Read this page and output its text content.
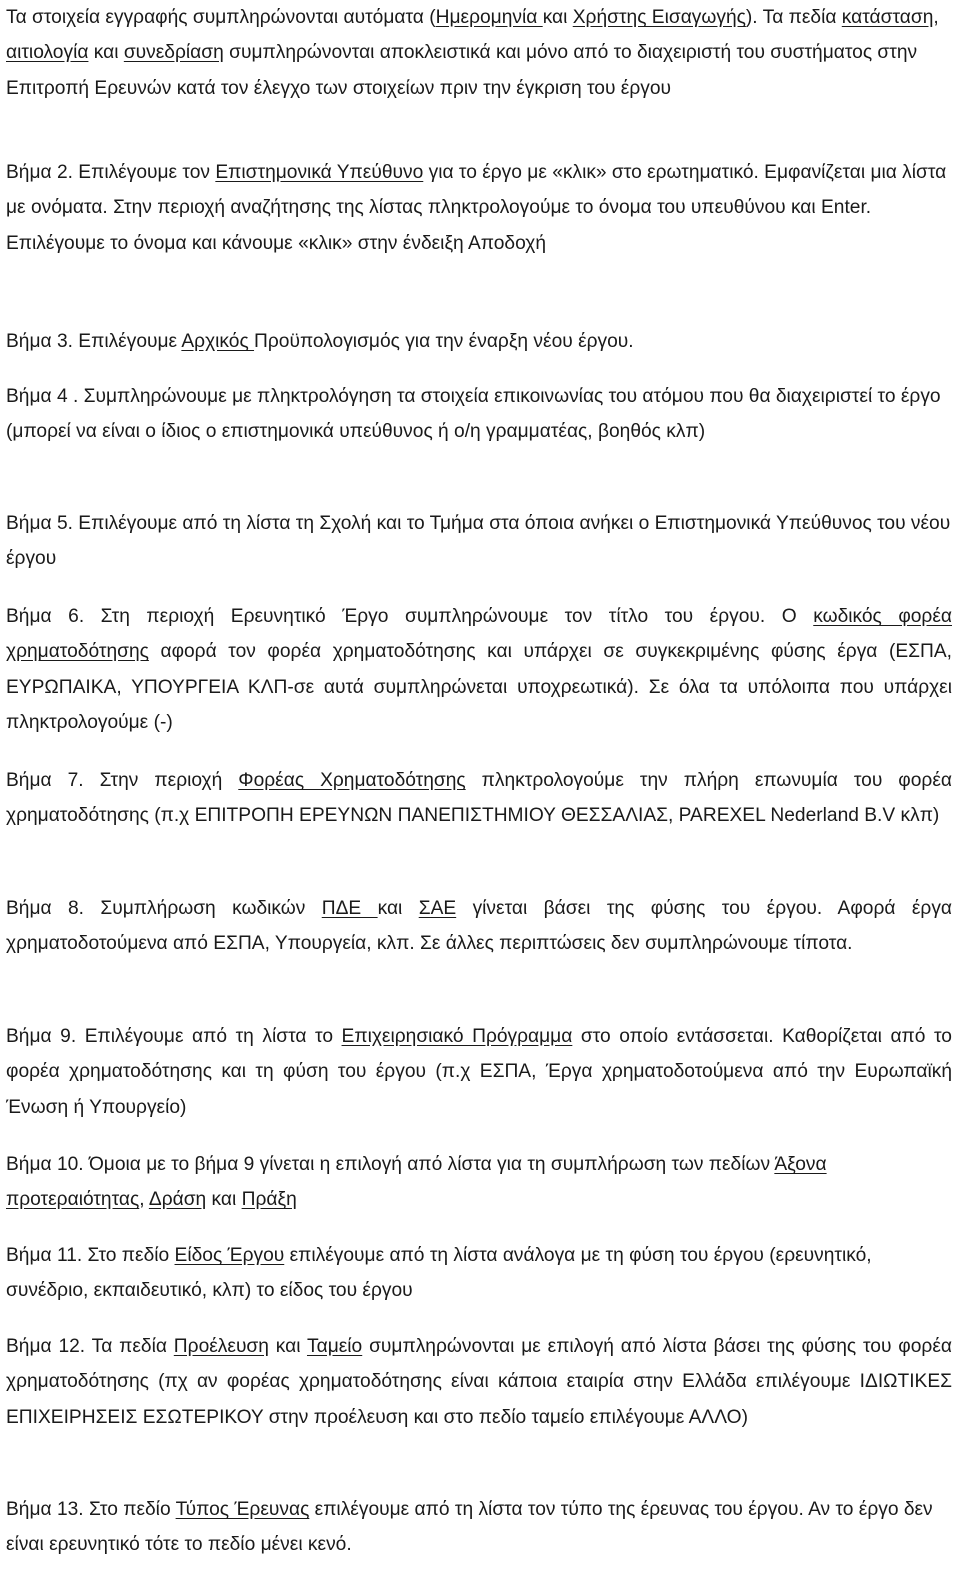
Τα στοιχεία εγγραφής συμπληρώνονται αυτόματα (Ημερομηνία και Χρήστης Εισαγωγής). Τα πεδία κατάσταση, αιτιολογία και συνεδρίαση συμπληρώνονται αποκλειστικά και μόνο από το διαχειριστή του συστήματος στην Επιτροπή Ερευνών κατά τον έλεγχο των στοιχείων πριν την έγκριση του έργου

Βήμα 2. Επιλέγουμε τον Επιστημονικά Υπεύθυνο για το έργο με «κλικ» στο ερωτηματικό. Εμφανίζεται μια λίστα με ονόματα. Στην περιοχή αναζήτησης της λίστας πληκτρολογούμε το όνομα του υπευθύνου και Enter. Επιλέγουμε το όνομα και κάνουμε «κλικ» στην ένδειξη Αποδοχή

Βήμα 3. Επιλέγουμε Αρχικός Προϋπολογισμός για την έναρξη νέου έργου.

Βήμα 4 . Συμπληρώνουμε με πληκτρολόγηση τα στοιχεία επικοινωνίας του ατόμου που θα διαχειριστεί το έργο (μπορεί να είναι ο ίδιος ο επιστημονικά υπεύθυνος ή ο/η γραμματέας, βοηθός κλπ)

Βήμα 5. Επιλέγουμε από τη λίστα τη Σχολή και το Τμήμα στα όποια ανήκει ο Επιστημονικά Υπεύθυνος του νέου έργου

Βήμα 6. Στη περιοχή Ερευνητικό Έργο συμπληρώνουμε τον τίτλο του έργου. Ο κωδικός φορέα χρηματοδότησης αφορά τον φορέα χρηματοδότησης και υπάρχει σε συγκεκριμένης φύσης έργα (ΕΣΠΑ, ΕΥΡΩΠΑΙΚΑ, ΥΠΟΥΡΓΕΙΑ ΚΛΠ-σε αυτά συμπληρώνεται υποχρεωτικά). Σε όλα τα υπόλοιπα που υπάρχει πληκτρολογούμε (-)

Βήμα 7. Στην περιοχή Φορέας Χρηματοδότησης πληκτρολογούμε την πλήρη επωνυμία του φορέα χρηματοδότησης (π.χ ΕΠΙΤΡΟΠΗ ΕΡΕΥΝΩΝ ΠΑΝΕΠΙΣΤΗΜΙΟΥ ΘΕΣΣΑΛΙΑΣ, PAREXEL Nederland B.V κλπ)

Βήμα 8. Συμπλήρωση κωδικών ΠΔΕ και ΣΑΕ γίνεται βάσει της φύσης του έργου. Αφορά έργα χρηματοδοτούμενα από ΕΣΠΑ, Υπουργεία, κλπ. Σε άλλες περιπτώσεις δεν συμπληρώνουμε τίποτα.

Βήμα 9. Επιλέγουμε από τη λίστα το Επιχειρησιακό Πρόγραμμα στο οποίο εντάσσεται. Καθορίζεται από το φορέα χρηματοδότησης και τη φύση του έργου (π.χ ΕΣΠΑ, Έργα χρηματοδοτούμενα από την Ευρωπαϊκή Ένωση ή Υπουργείο)

Βήμα 10. Όμοια με το βήμα 9 γίνεται η επιλογή από λίστα για τη συμπλήρωση των πεδίων Άξονα προτεραιότητας, Δράση και Πράξη

Βήμα 11. Στο πεδίο Είδος Έργου επιλέγουμε από τη λίστα ανάλογα με τη φύση του έργου (ερευνητικό, συνέδριο, εκπαιδευτικό, κλπ) το είδος του έργου

Βήμα 12. Τα πεδία Προέλευση και Ταμείο συμπληρώνονται με επιλογή από λίστα βάσει της φύσης του φορέα χρηματοδότησης (πχ αν φορέας χρηματοδότησης είναι κάποια εταιρία στην Ελλάδα επιλέγουμε ΙΔΙΩΤΙΚΕΣ ΕΠΙΧΕΙΡΗΣΕΙΣ ΕΣΩΤΕΡΙΚΟΥ στην προέλευση και στο πεδίο ταμείο επιλέγουμε ΑΛΛΟ)

Βήμα 13. Στο πεδίο Τύπος Έρευνας επιλέγουμε από τη λίστα τον τύπο της έρευνας του έργου. Αν το έργο δεν είναι ερευνητικό τότε το πεδίο μένει κενό.
